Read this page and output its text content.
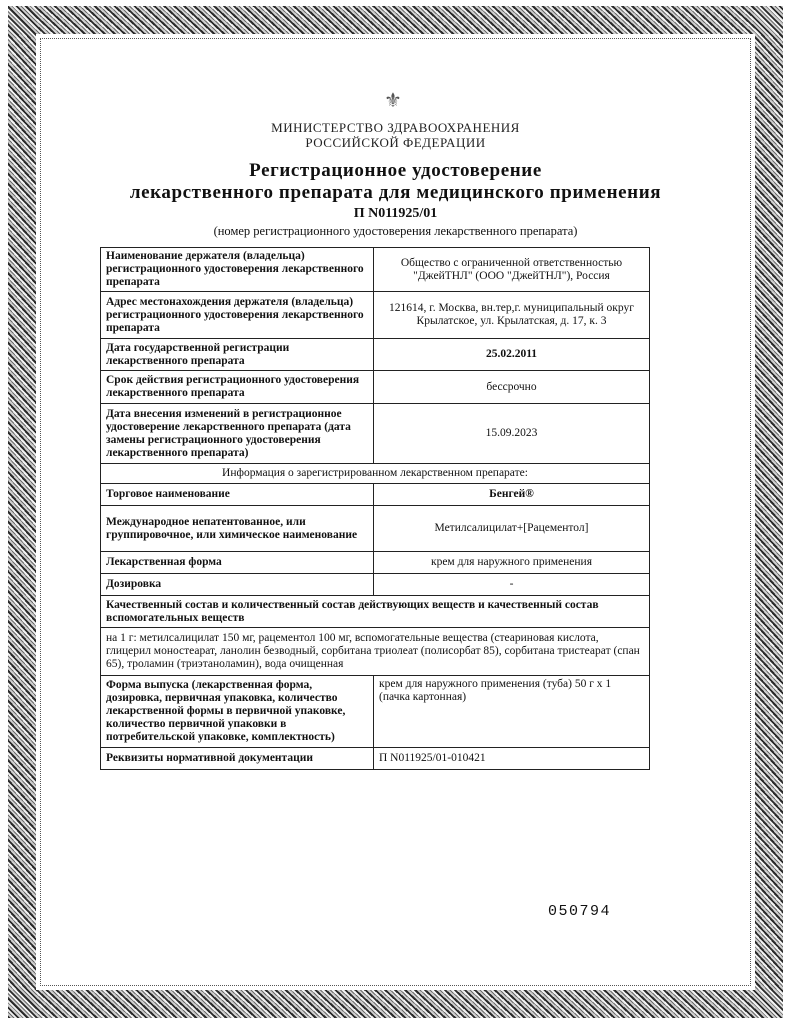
⚜
МИНИСТЕРСТВО ЗДРАВООХРАНЕНИЯ
РОССИЙСКОЙ ФЕДЕРАЦИИ
Регистрационное удостоверение
лекарственного препарата для медицинского применения
П N011925/01
(номер регистрационного удостоверения лекарственного препарата)
Наименование держателя (владельца) регистрационного удостоверения лекарственного препарата	Общество с ограниченной ответственностью "ДжейТНЛ" (ООО "ДжейТНЛ"), Россия
Адрес местонахождения держателя (владельца) регистрационного удостоверения лекарственного препарата	121614, г. Москва, вн.тер,г. муниципальный округ Крылатское, ул. Крылатская, д. 17, к. 3
Дата государственной регистрации лекарственного препарата	25.02.2011
Срок действия регистрационного удостоверения лекарственного препарата	бессрочно
Дата внесения изменений в регистрационное удостоверение лекарственного препарата (дата замены регистрационного удостоверения лекарственного препарата)	15.09.2023
Информация о зарегистрированном лекарственном препарате:	
Торговое наименование	Бенгей®
Международное непатентованное, или группировочное, или химическое наименование	Метилсалицилат+[Рацементол]
Лекарственная форма	крем для наружного применения
Дозировка	-
Качественный состав и количественный состав действующих веществ и качественный состав вспомогательных веществ	
на 1 г: метилсалицилат 150 мг, рацементол 100 мг, вспомогательные вещества (стеариновая кислота, глицерил моностеарат, ланолин безводный, сорбитана триолеат (полисорбат 85), сорбитана тристеарат (спан 65), троламин (триэтаноламин), вода очищенная	
Форма выпуска (лекарственная форма, дозировка, первичная упаковка, количество лекарственной формы в первичной упаковке, количество первичной упаковки в потребительской упаковке, комплектность)	крем для наружного применения (туба) 50 г x 1 (пачка картонная)
Реквизиты нормативной документации	П N011925/01-010421
050794
